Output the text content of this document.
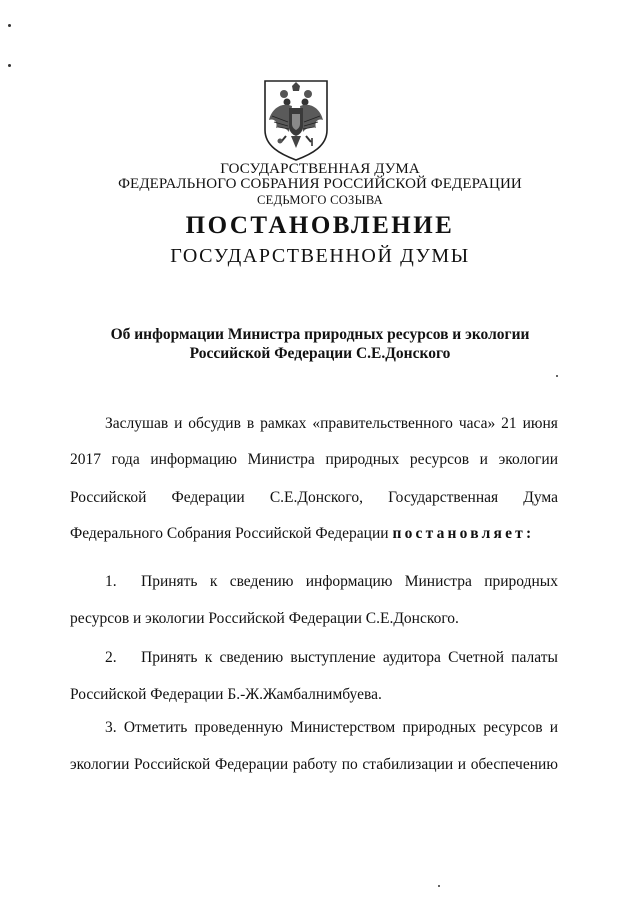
ГОСУДАРСТВЕННАЯ ДУМА
ФЕДЕРАЛЬНОГО СОБРАНИЯ РОССИЙСКОЙ ФЕДЕРАЦИИ
СЕДЬМОГО СОЗЫВА
ПОСТАНОВЛЕНИЕ
ГОСУДАРСТВЕННОЙ ДУМЫ
Об информации Министра природных ресурсов и экологии
Российской Федерации С.Е.Донского
Заслушав и обсудив в рамках «правительственного часа» 21 июня
2017 года информацию Министра природных ресурсов и экологии
Российской Федерации С.Е.Донского, Государственная Дума
Федерального Собрания Российской Федерации постановляет:
1. Принять к сведению информацию Министра природных
ресурсов и экологии Российской Федерации С.Е.Донского.
2. Принять к сведению выступление аудитора Счетной палаты
Российской Федерации Б.-Ж.Жамбалнимбуева.
3. Отметить проведенную Министерством природных ресурсов и
экологии Российской Федерации работу по стабилизации и обеспечению
